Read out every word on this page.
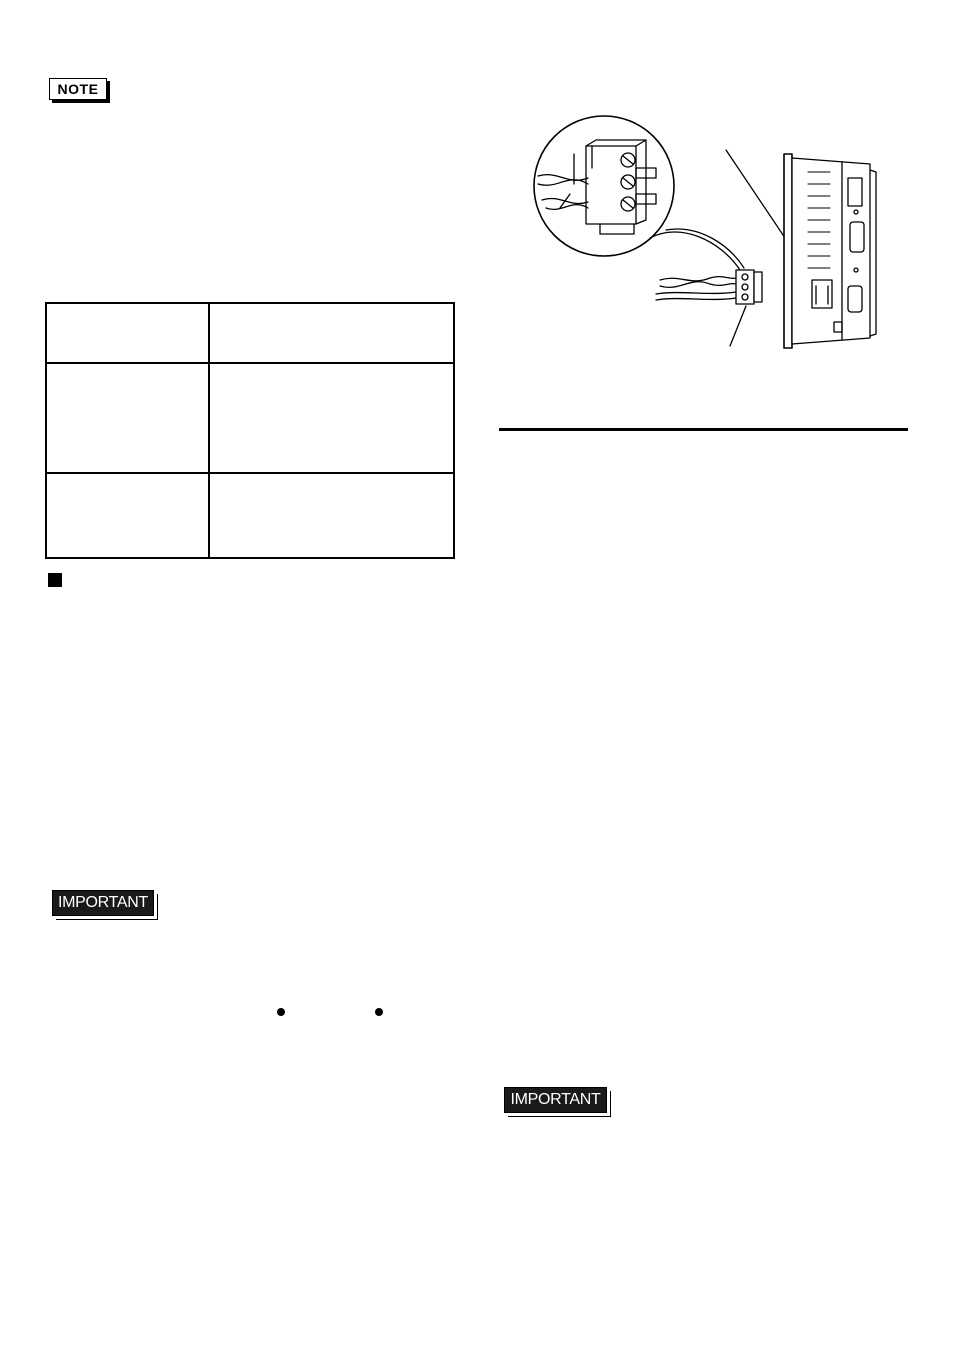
NOTE

IMPORTANT
IMPORTANT
